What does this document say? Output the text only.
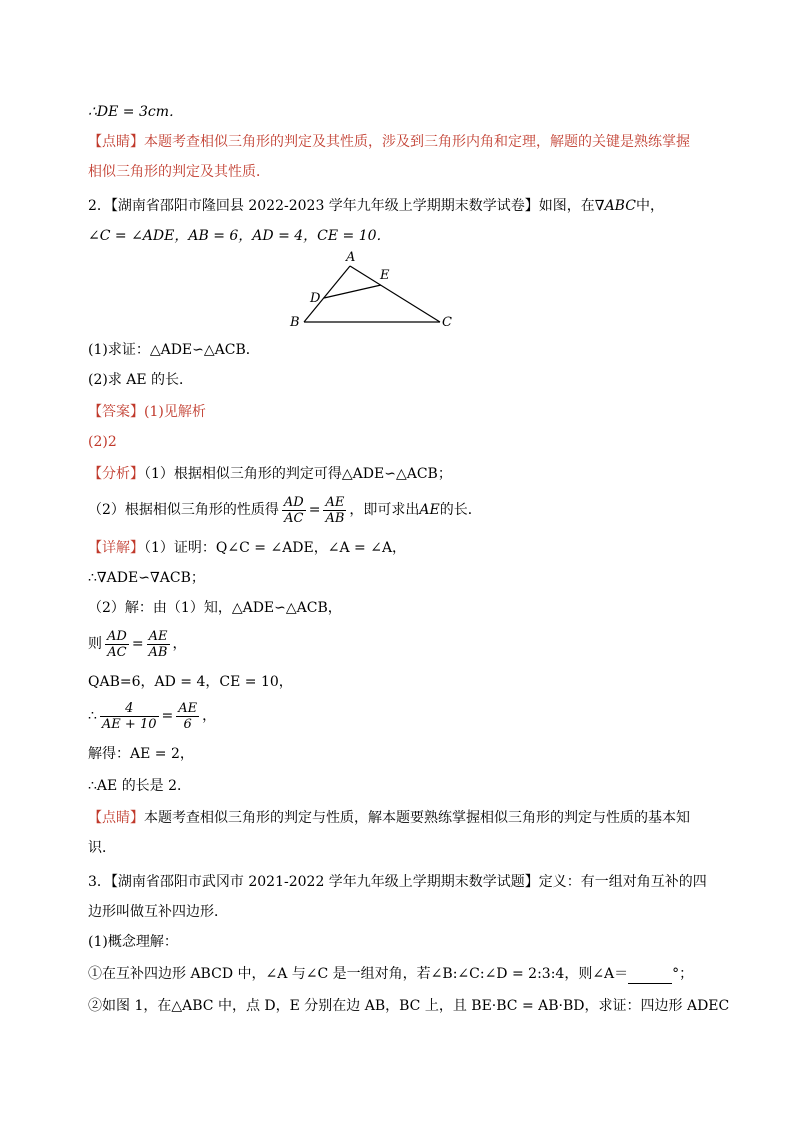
∴DE = 3cm．
【点睛】本题考查相似三角形的判定及其性质，涉及到三角形内角和定理，解题的关键是熟练掌握
相似三角形的判定及其性质．
2．【湖南省邵阳市隆回县 2022-2023 学年九年级上学期期末数学试卷】如图，在∇ABC中，
∠C = ∠ADE，AB = 6，AD = 4，CE = 10．
A
E
D
B	C
(1)求证：△ADE∽△ACB．
(2)求 AE 的长．
【答案】(1)见解析
(2)2
【分析】（1）根据相似三角形的判定可得△ADE∽△ACB；
（2）根据相似三角形的性质得 $\frac{AD}{AC} = \frac{AE}{AB}$ ，即可求出AE的长．
【详解】（1）证明：Q∠C = ∠ADE，∠A = ∠A，
∴∇ADE∽∇ACB；
（2）解：由（1）知，△ADE∽△ACB，
则 $\frac{AD}{AC} = \frac{AE}{AB}$ ，
QAB=6，AD = 4，CE = 10，
∴ $\frac{4}{AE + 10} = \frac{AE}{6}$ ，
解得：AE = 2，
∴AE 的长是 2．
【点睛】本题考查相似三角形的判定与性质，解本题要熟练掌握相似三角形的判定与性质的基本知
识．
3．【湖南省邵阳市武冈市 2021-2022 学年九年级上学期期末数学试题】定义：有一组对角互补的四
边形叫做互补四边形．
(1)概念理解：
①在互补四边形 ABCD 中，∠A 与∠C 是一组对角，若∠B:∠C:∠D = 2:3:4，则∠A＝	°；
②如图 1，在△ABC 中，点 D，E 分别在边 AB，BC 上，且 BE·BC = AB·BD，求证：四边形 ADEC
